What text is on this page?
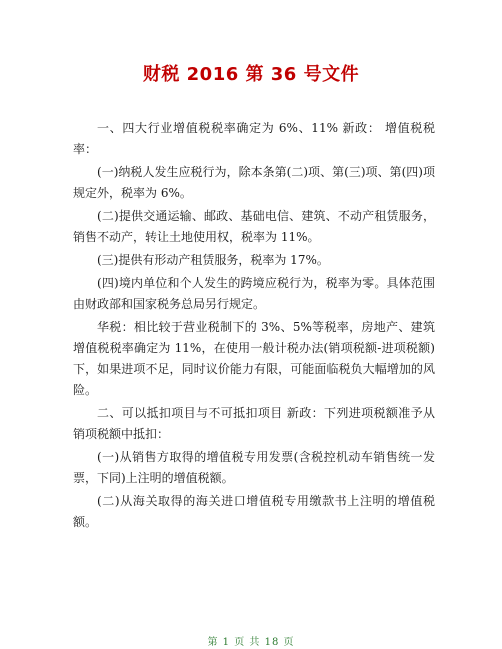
财税 2016 第 36 号文件

一、四大行业增值税税率确定为 6%、11% 新政： 增值税税率：

(一)纳税人发生应税行为，除本条第(二)项、第(三)项、第(四)项规定外，税率为 6%。

(二)提供交通运输、邮政、基础电信、建筑、不动产租赁服务，销售不动产，转让土地使用权，税率为 11%。

(三)提供有形动产租赁服务，税率为 17%。

(四)境内单位和个人发生的跨境应税行为，税率为零。具体范围由财政部和国家税务总局另行规定。

华税：相比较于营业税制下的 3%、5%等税率，房地产、建筑增值税税率确定为 11%，在使用一般计税办法(销项税额-进项税额)下，如果进项不足，同时议价能力有限，可能面临税负大幅增加的风险。

二、可以抵扣项目与不可抵扣项目 新政：下列进项税额准予从销项税额中抵扣：

(一)从销售方取得的增值税专用发票(含税控机动车销售统一发票，下同)上注明的增值税额。

(二)从海关取得的海关进口增值税专用缴款书上注明的增值税额。

第 1 页 共 18 页
